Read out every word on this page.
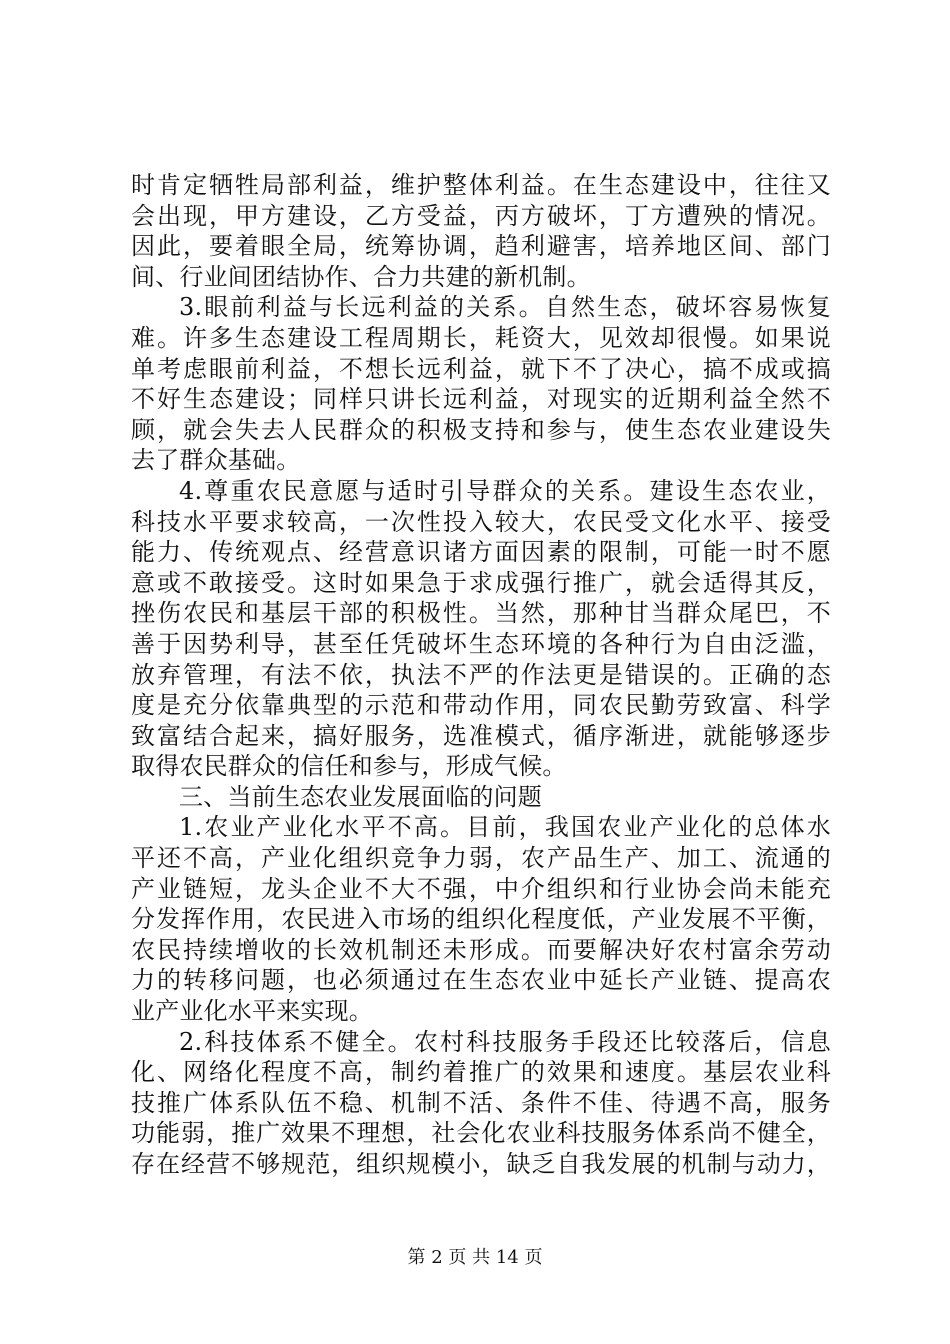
时肯定牺牲局部利益，维护整体利益。在生态建设中，往往又
会出现，甲方建设，乙方受益，丙方破坏，丁方遭殃的情况。
因此，要着眼全局，统筹协调，趋利避害，培养地区间、部门
间、行业间团结协作、合力共建的新机制。
3.眼前利益与长远利益的关系。自然生态，破坏容易恢复
难。许多生态建设工程周期长，耗资大，见效却很慢。如果说
单考虑眼前利益，不想长远利益，就下不了决心，搞不成或搞
不好生态建设；同样只讲长远利益，对现实的近期利益全然不
顾，就会失去人民群众的积极支持和参与，使生态农业建设失
去了群众基础。
4.尊重农民意愿与适时引导群众的关系。建设生态农业，
科技水平要求较高，一次性投入较大，农民受文化水平、接受
能力、传统观点、经营意识诸方面因素的限制，可能一时不愿
意或不敢接受。这时如果急于求成强行推广，就会适得其反，
挫伤农民和基层干部的积极性。当然，那种甘当群众尾巴，不
善于因势利导，甚至任凭破坏生态环境的各种行为自由泛滥，
放弃管理，有法不依，执法不严的作法更是错误的。正确的态
度是充分依靠典型的示范和带动作用，同农民勤劳致富、科学
致富结合起来，搞好服务，选准模式，循序渐进，就能够逐步
取得农民群众的信任和参与，形成气候。
三、当前生态农业发展面临的问题
1.农业产业化水平不高。目前，我国农业产业化的总体水
平还不高，产业化组织竞争力弱，农产品生产、加工、流通的
产业链短，龙头企业不大不强，中介组织和行业协会尚未能充
分发挥作用，农民进入市场的组织化程度低，产业发展不平衡，
农民持续增收的长效机制还未形成。而要解决好农村富余劳动
力的转移问题，也必须通过在生态农业中延长产业链、提高农
业产业化水平来实现。
2.科技体系不健全。农村科技服务手段还比较落后，信息
化、网络化程度不高，制约着推广的效果和速度。基层农业科
技推广体系队伍不稳、机制不活、条件不佳、待遇不高，服务
功能弱，推广效果不理想，社会化农业科技服务体系尚不健全，
存在经营不够规范，组织规模小，缺乏自我发展的机制与动力，
第 2 页 共 14 页
